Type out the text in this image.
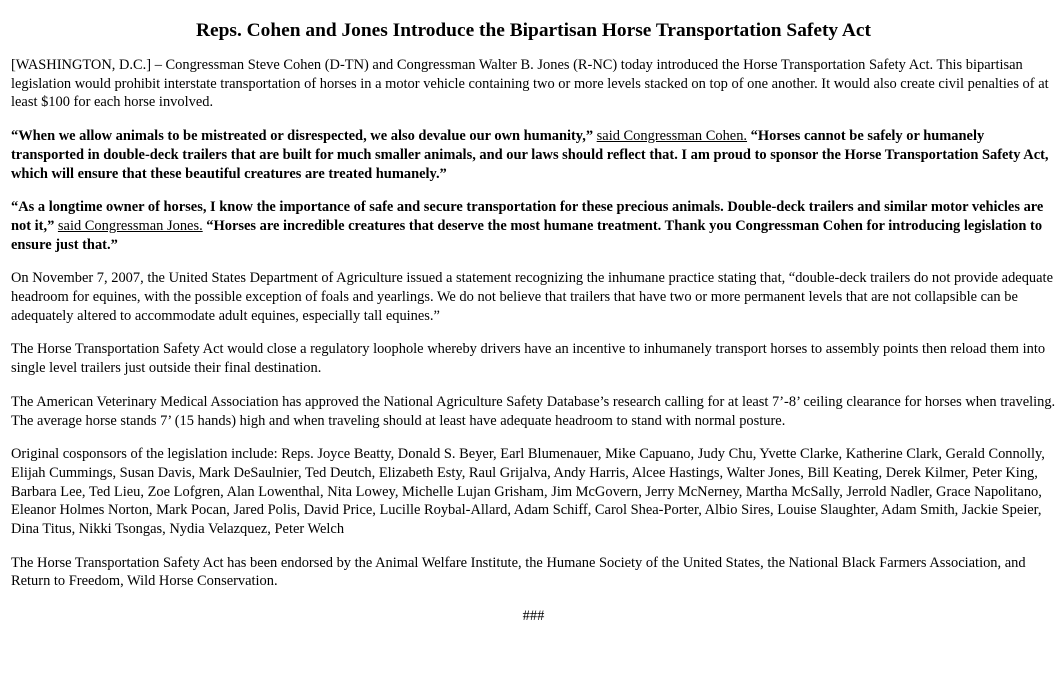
Reps. Cohen and Jones Introduce the Bipartisan Horse Transportation Safety Act

[WASHINGTON, D.C.] – Congressman Steve Cohen (D-TN) and Congressman Walter B. Jones (R-NC) today introduced the Horse Transportation Safety Act. This bipartisan legislation would prohibit interstate transportation of horses in a motor vehicle containing two or more levels stacked on top of one another. It would also create civil penalties of at least $100 for each horse involved.

“When we allow animals to be mistreated or disrespected, we also devalue our own humanity,” said Congressman Cohen. “Horses cannot be safely or humanely transported in double-deck trailers that are built for much smaller animals, and our laws should reflect that. I am proud to sponsor the Horse Transportation Safety Act, which will ensure that these beautiful creatures are treated humanely.”

“As a longtime owner of horses, I know the importance of safe and secure transportation for these precious animals. Double-deck trailers and similar motor vehicles are not it,” said Congressman Jones. “Horses are incredible creatures that deserve the most humane treatment. Thank you Congressman Cohen for introducing legislation to ensure just that.”

On November 7, 2007, the United States Department of Agriculture issued a statement recognizing the inhumane practice stating that, “double-deck trailers do not provide adequate headroom for equines, with the possible exception of foals and yearlings. We do not believe that trailers that have two or more permanent levels that are not collapsible can be adequately altered to accommodate adult equines, especially tall equines.”

The Horse Transportation Safety Act would close a regulatory loophole whereby drivers have an incentive to inhumanely transport horses to assembly points then reload them into single level trailers just outside their final destination.

The American Veterinary Medical Association has approved the National Agriculture Safety Database’s research calling for at least 7’-8’ ceiling clearance for horses when traveling. The average horse stands 7’ (15 hands) high and when traveling should at least have adequate headroom to stand with normal posture.

Original cosponsors of the legislation include: Reps. Joyce Beatty, Donald S. Beyer, Earl Blumenauer, Mike Capuano, Judy Chu, Yvette Clarke, Katherine Clark, Gerald Connolly, Elijah Cummings, Susan Davis, Mark DeSaulnier, Ted Deutch, Elizabeth Esty, Raul Grijalva, Andy Harris, Alcee Hastings, Walter Jones, Bill Keating, Derek Kilmer, Peter King, Barbara Lee, Ted Lieu, Zoe Lofgren, Alan Lowenthal, Nita Lowey, Michelle Lujan Grisham, Jim McGovern, Jerry McNerney, Martha McSally, Jerrold Nadler, Grace Napolitano, Eleanor Holmes Norton, Mark Pocan, Jared Polis, David Price, Lucille Roybal-Allard, Adam Schiff, Carol Shea-Porter, Albio Sires, Louise Slaughter, Adam Smith, Jackie Speier, Dina Titus, Nikki Tsongas, Nydia Velazquez, Peter Welch

The Horse Transportation Safety Act has been endorsed by the Animal Welfare Institute, the Humane Society of the United States, the National Black Farmers Association, and Return to Freedom, Wild Horse Conservation.

###
